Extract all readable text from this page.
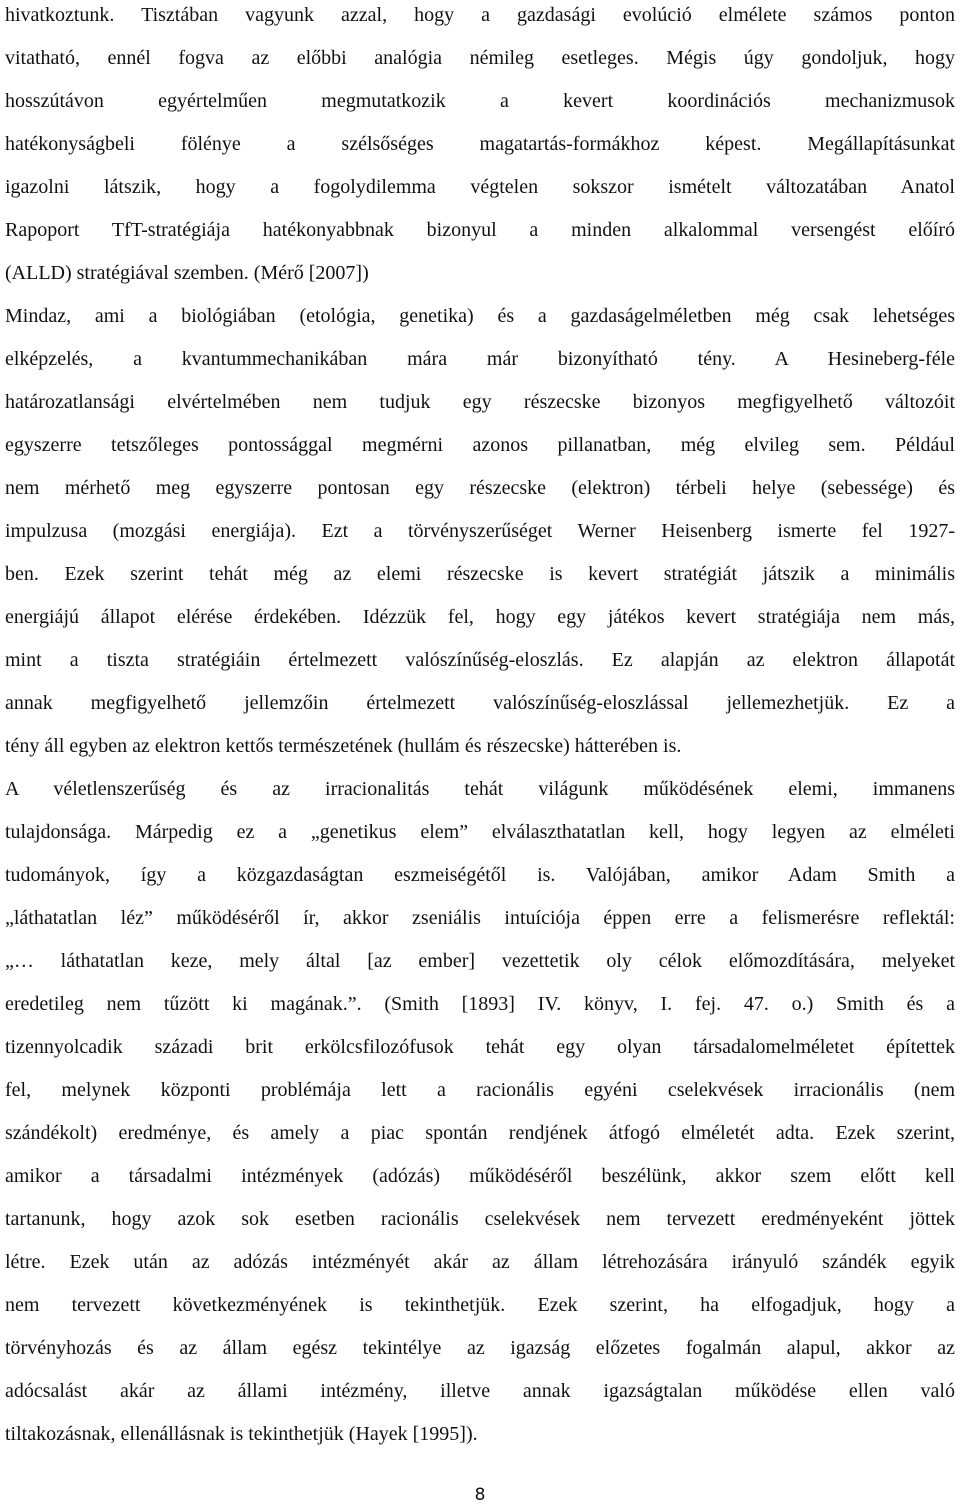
hivatkoztunk. Tisztában vagyunk azzal, hogy a gazdasági evolúció elmélete számos ponton
vitatható, ennél fogva az előbbi analógia némileg esetleges. Mégis úgy gondoljuk, hogy
hosszútávon egyértelműen megmutatkozik a kevert koordinációs mechanizmusok
hatékonyságbeli fölénye a szélsőséges magatartás-formákhoz képest. Megállapításunkat
igazolni látszik, hogy a fogolydilemma végtelen sokszor ismételt változatában Anatol
Rapoport TfT-stratégiája hatékonyabbnak bizonyul a minden alkalommal versengést előíró
(ALLD) stratégiával szemben. (Mérő [2007])
Mindaz, ami a biológiában (etológia, genetika) és a gazdaságelméletben még csak lehetséges
elképzelés, a kvantummechanikában mára már bizonyítható tény. A Hesineberg-féle
határozatlansági elvértelmében nem tudjuk egy részecske bizonyos megfigyelhető változóit
egyszerre tetszőleges pontossággal megmérni azonos pillanatban, még elvileg sem. Például
nem mérhető meg egyszerre pontosan egy részecske (elektron) térbeli helye (sebessége) és
impulzusa (mozgási energiája). Ezt a törvényszerűséget Werner Heisenberg ismerte fel 1927-
ben. Ezek szerint tehát még az elemi részecske is kevert stratégiát játszik a minimális
energiájú állapot elérése érdekében. Idézzük fel, hogy egy játékos kevert stratégiája nem más,
mint a tiszta stratégiáin értelmezett valószínűség-eloszlás. Ez alapján az elektron állapotát
annak megfigyelhető jellemzőin értelmezett valószínűség-eloszlással jellemezhetjük. Ez a
tény áll egyben az elektron kettős természetének (hullám és részecske) hátterében is.
A véletlenszerűség és az irracionalitás tehát világunk működésének elemi, immanens
tulajdonsága. Márpedig ez a „genetikus elem” elválaszthatatlan kell, hogy legyen az elméleti
tudományok, így a közgazdaságtan eszmeiségétől is. Valójában, amikor Adam Smith a
„láthatatlan léz” működéséről ír, akkor zseniális intuíciója éppen erre a felismerésre reflektál:
„… láthatatlan keze, mely által [az ember] vezettetik oly célok előmozdítására, melyeket
eredetileg nem tűzött ki magának.”. (Smith [1893] IV. könyv, I. fej. 47. o.) Smith és a
tizennyolcadik századi brit erkölcsfilozófusok tehát egy olyan társadalomelméletet építettek
fel, melynek központi problémája lett a racionális egyéni cselekvések irracionális (nem
szándékolt) eredménye, és amely a piac spontán rendjének átfogó elméletét adta. Ezek szerint,
amikor a társadalmi intézmények (adózás) működéséről beszélünk, akkor szem előtt kell
tartanunk, hogy azok sok esetben racionális cselekvések nem tervezett eredményeként jöttek
létre. Ezek után az adózás intézményét akár az állam létrehozására irányuló szándék egyik
nem tervezett következményének is tekinthetjük. Ezek szerint, ha elfogadjuk, hogy a
törvényhozás és az állam egész tekintélye az igazság előzetes fogalmán alapul, akkor az
adócsalást akár az állami intézmény, illetve annak igazságtalan működése ellen való
tiltakozásnak, ellenállásnak is tekinthetjük (Hayek [1995]).
8
